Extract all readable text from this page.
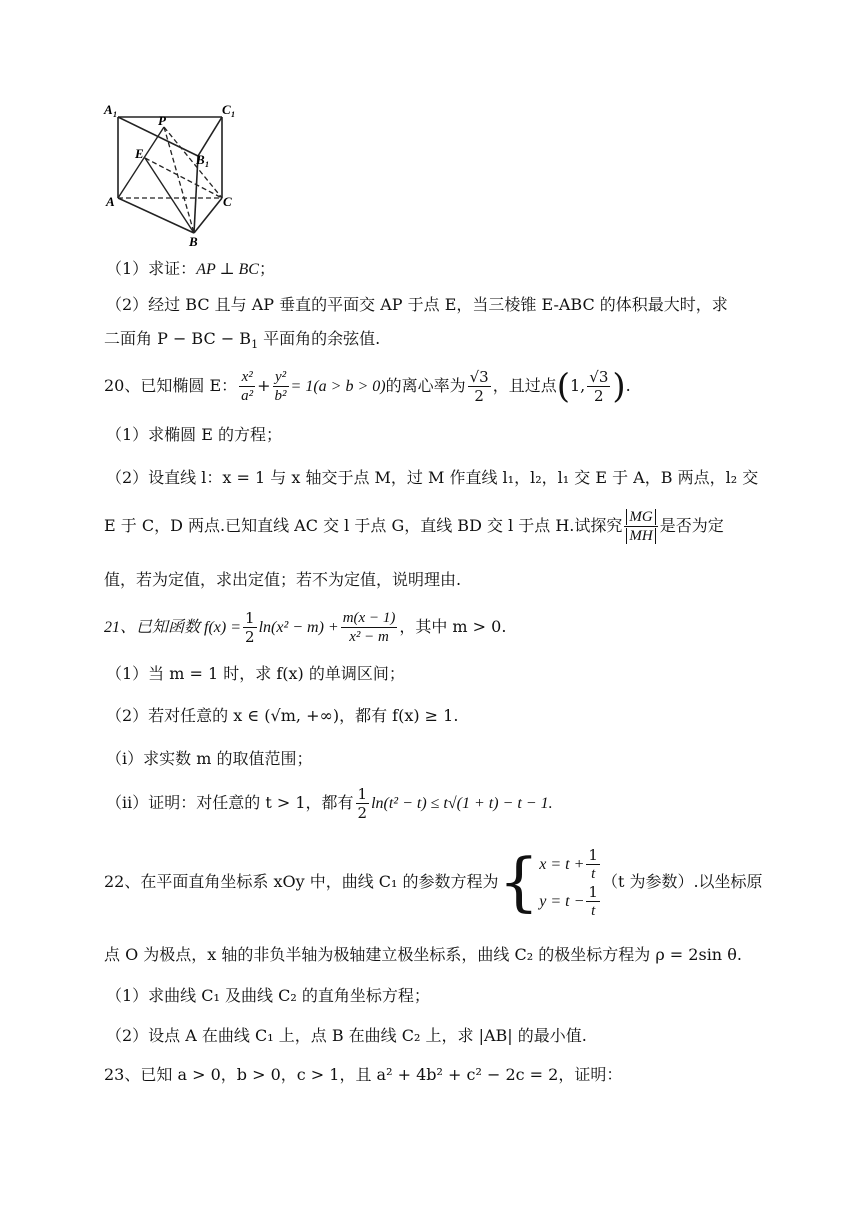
A 1	C 1
P
E	B 1
A	C
B
（1）求证：AP ⊥ BC；
（2）经过 BC 且与 AP 垂直的平面交 AP 于点 E，当三棱锥 E-ABC 的体积最大时，求
二面角 P − BC − $B_1$ 平面角的余弦值.
20、已知椭圆 E： $\frac{\text{x²}}{\text{a²}} + \frac{\text{y²}}{\text{b²}} = 1(a > b > 0)$的离心率为 $\frac{√3}{2}$ ，且过点(1, $\frac{√3}{2}$ ).
（1）求椭圆 E 的方程；
（2）设直线 l：x = 1 与 x 轴交于点 M，过 M 作直线 l₁，l₂，l₁ 交 E 于 A，B 两点，l₂ 交
E 于 C，D 两点.已知直线 AC 交 l 于点 G，直线 BD 交 l 于点 H.试探究 $\frac{MG}{MH}$ 是否为定
值，若为定值，求出定值；若不为定值，说明理由.
21、已知函数 $f(x) = \frac{1}{2} \ln(x^2 - m) + \frac{m(x - 1)}{\text{x² − m}}$ ，其中 m > 0.
（1）当 m = 1 时，求 f(x) 的单调区间；
（2）若对任意的 x ∈ (√m, +∞)，都有 f(x) ≥ 1.
（ⅰ）求实数 m 的取值范围；
（ⅱ）证明：对任意的 t > 1，都有 $\frac{1}{2} \ln(t^2 - t) \le t√(1 + t) - t - 1$.
22、在平面直角坐标系 xOy 中，曲线 C₁ 的参数方程为{ $x = t + \frac{1}{t}$
$y = t - \frac{1}{t}$
（t 为参数）.以坐标原
点 O 为极点，x 轴的非负半轴为极轴建立极坐标系，曲线 C₂ 的极坐标方程为 ρ = 2sin θ.
（1）求曲线 C₁ 及曲线 C₂ 的直角坐标方程；
（2）设点 A 在曲线 C₁ 上，点 B 在曲线 C₂ 上，求 |AB| 的最小值.
23、已知 a > 0，b > 0，c > 1，且 a² + 4b² + c² − 2c = 2，证明：
